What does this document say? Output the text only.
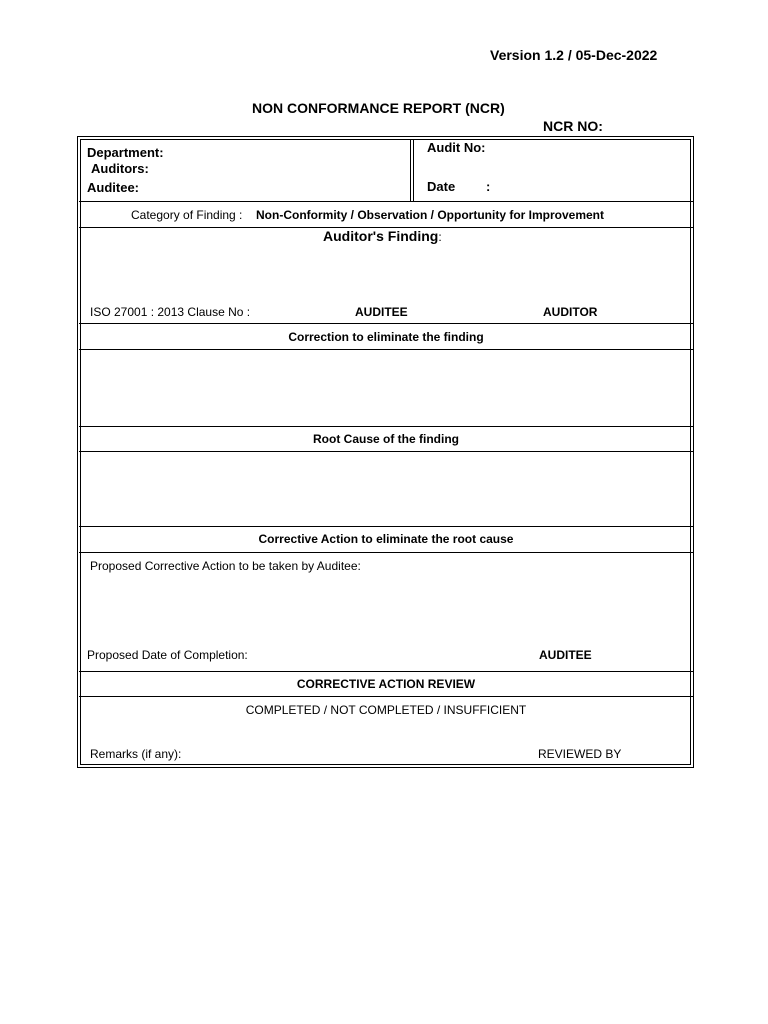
Version 1.2 / 05-Dec-2022
NON CONFORMANCE REPORT (NCR)
NCR NO:
Department:
Auditors:
Auditee:
Audit No:
Date :
Category of Finding : Non-Conformity / Observation / Opportunity for Improvement
Auditor's Finding:
ISO 27001 : 2013 Clause No :	AUDITEE	AUDITOR
Correction to eliminate the finding
Root Cause of the finding
Corrective Action to eliminate the root cause
Proposed Corrective Action to be taken by Auditee:
Proposed Date of Completion:	AUDITEE
CORRECTIVE ACTION REVIEW
COMPLETED / NOT COMPLETED / INSUFFICIENT
Remarks (if any):	REVIEWED BY
